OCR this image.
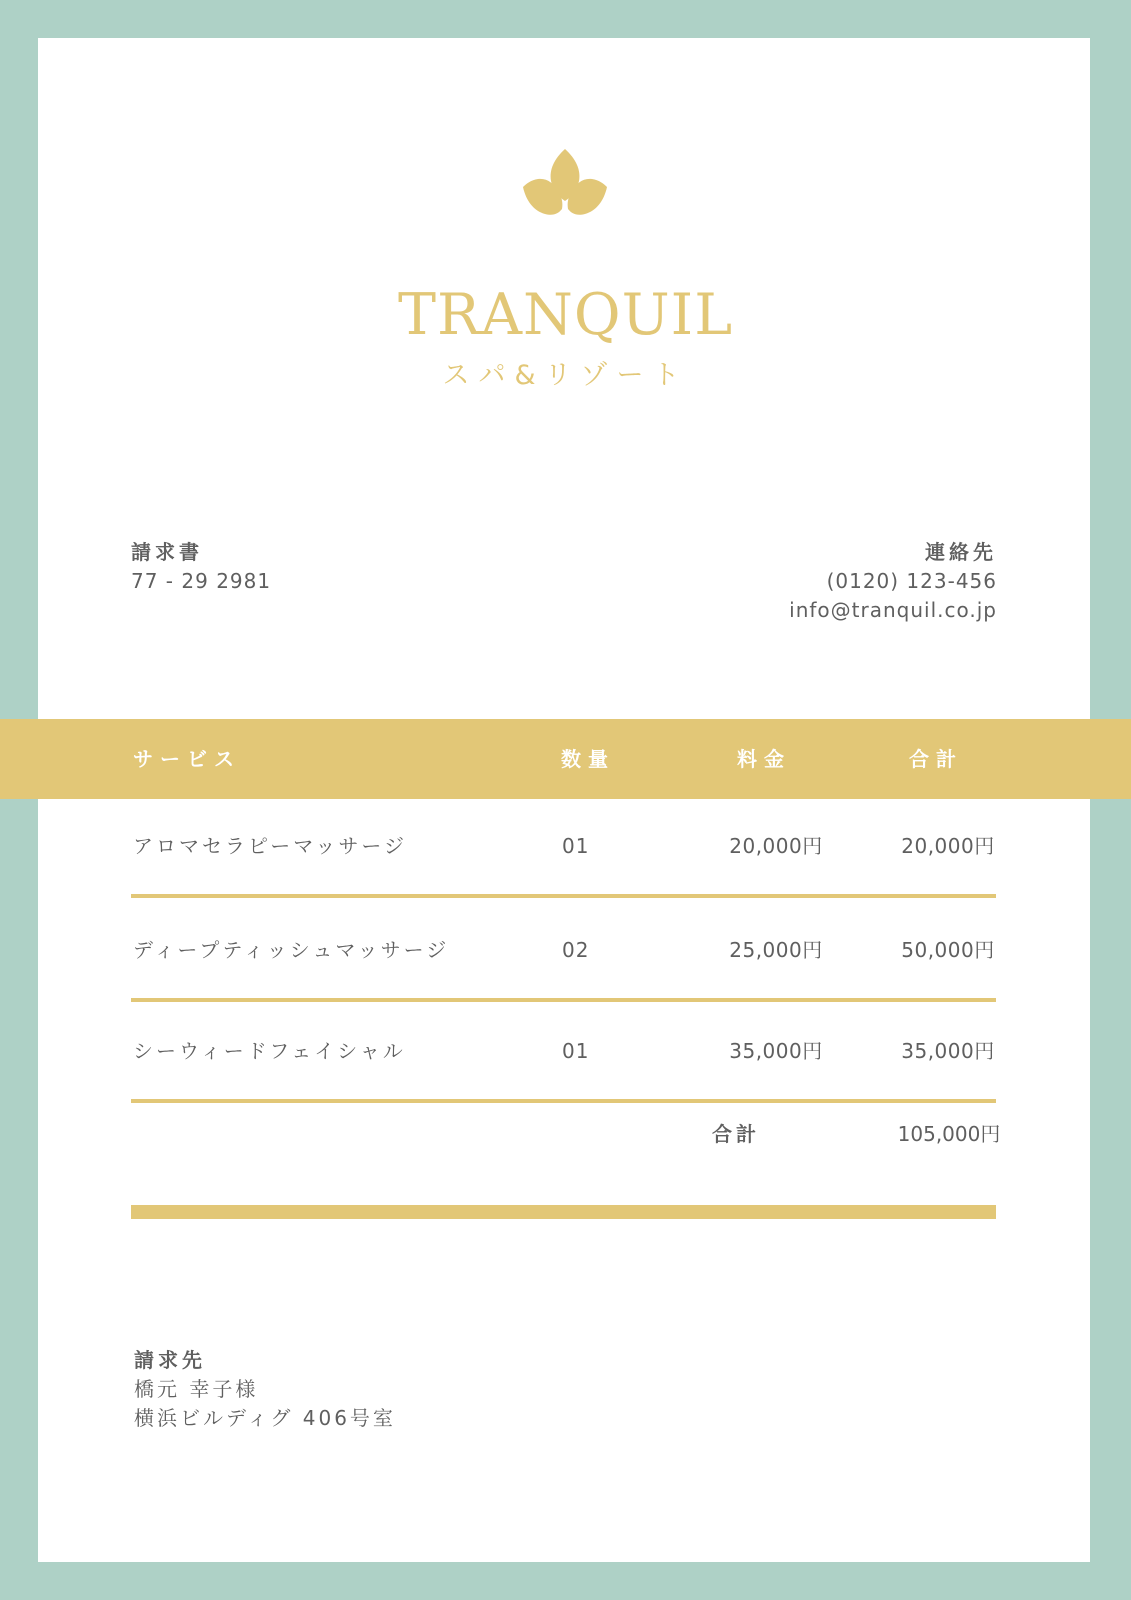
TRANQUIL
スパ&リゾート
請求書
77 - 29 2981
連絡先
(0120) 123-456
info@tranquil.co.jp
サービス	数量	料金	合計
アロマセラピーマッサージ	01	20,000円	20,000円
ディープティッシュマッサージ	02	25,000円	50,000円
シーウィードフェイシャル	01	35,000円	35,000円
合計	105,000円
請求先
橋元 幸子様
横浜ビルディグ 406号室
